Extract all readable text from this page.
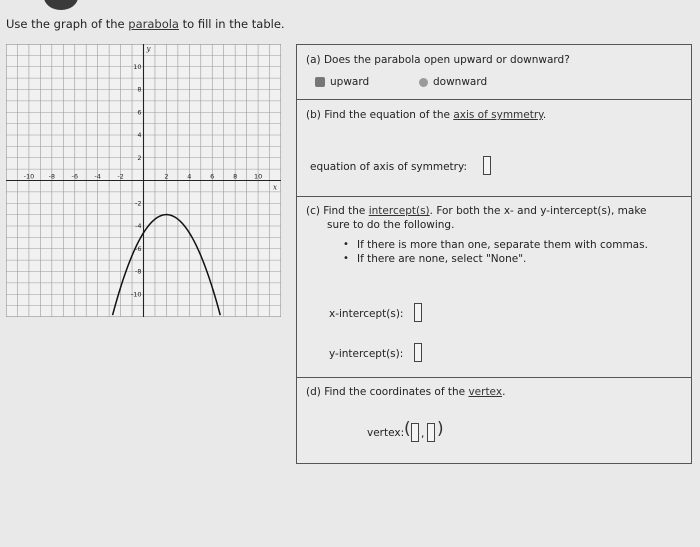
Use the graph of the parabola to fill in the table.
-10 -8	-6	-4	-2	2	4	6	8	10
10
8
6
4
2
-2
-4
-6
-8
-10
y
x
(a) Does the parabola open upward or downward?
upward	downward
(b) Find the equation of the axis of symmetry.
equation of axis of symmetry:
(c) Find the intercept(s). For both the x- and y-intercept(s), make
sure to do the following.
• If there is more than one, separate them with commas.
• If there are none, select "None".
x-intercept(s):
y-intercept(s):
(d) Find the coordinates of the vertex.
vertex: ( , )
